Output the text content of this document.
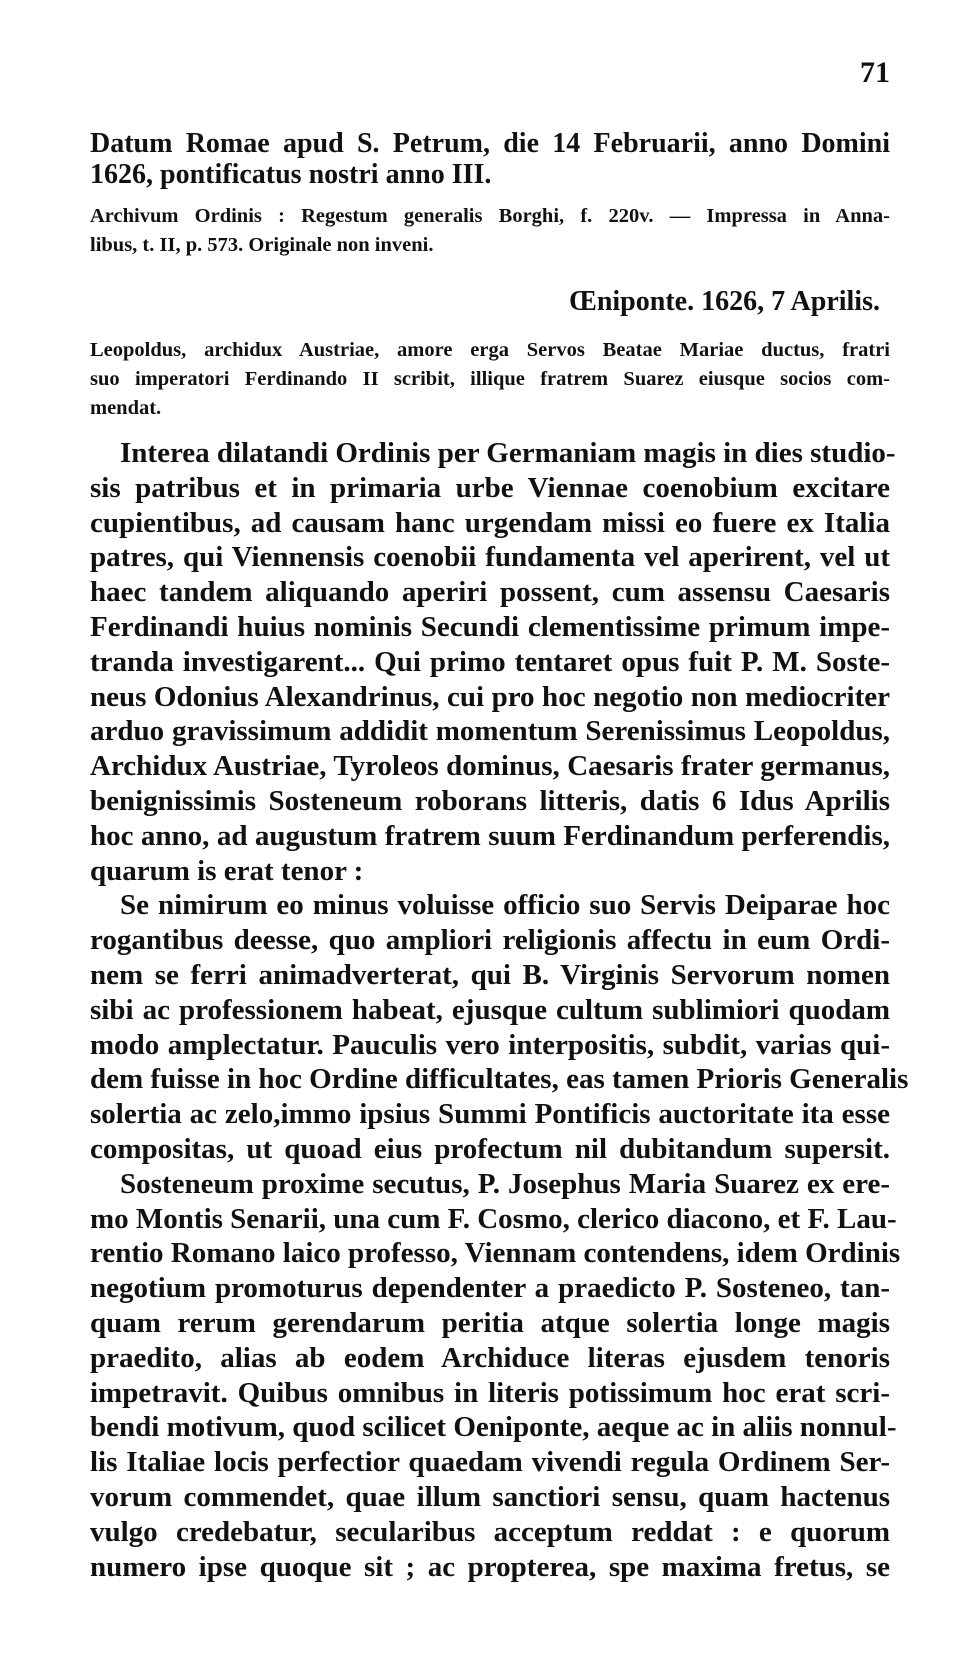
71
Datum Romae apud S. Petrum, die 14 Februarii, anno Domini
1626, pontificatus nostri anno III.
Archivum Ordinis : Regestum generalis Borghi, f. 220v. — Impressa in Anna-
libus, t. II, p. 573. Originale non inveni.
Œniponte. 1626, 7 Aprilis.
Leopoldus, archidux Austriae, amore erga Servos Beatae Mariae ductus, fratri
suo imperatori Ferdinando II scribit, illique fratrem Suarez eiusque socios com-
mendat.
Interea dilatandi Ordinis per Germaniam magis in dies studio-
sis patribus et in primaria urbe Viennae coenobium excitare
cupientibus, ad causam hanc urgendam missi eo fuere ex Italia
patres, qui Viennensis coenobii fundamenta vel aperirent, vel ut
haec tandem aliquando aperiri possent, cum assensu Caesaris
Ferdinandi huius nominis Secundi clementissime primum impe-
tranda investigarent... Qui primo tentaret opus fuit P. M. Soste-
neus Odonius Alexandrinus, cui pro hoc negotio non mediocriter
arduo gravissimum addidit momentum Serenissimus Leopoldus,
Archidux Austriae, Tyroleos dominus, Caesaris frater germanus,
benignissimis Sosteneum roborans litteris, datis 6 Idus Aprilis
hoc anno, ad augustum fratrem suum Ferdinandum perferendis,
quarum is erat tenor :
Se nimirum eo minus voluisse officio suo Servis Deiparae hoc
rogantibus deesse, quo ampliori religionis affectu in eum Ordi-
nem se ferri animadverterat, qui B. Virginis Servorum nomen
sibi ac professionem habeat, ejusque cultum sublimiori quodam
modo amplectatur. Pauculis vero interpositis, subdit, varias qui-
dem fuisse in hoc Ordine difficultates, eas tamen Prioris Generalis
solertia ac zelo,immo ipsius Summi Pontificis auctoritate ita esse
compositas, ut quoad eius profectum nil dubitandum supersit.
Sosteneum proxime secutus, P. Josephus Maria Suarez ex ere-
mo Montis Senarii, una cum F. Cosmo, clerico diacono, et F. Lau-
rentio Romano laico professo, Viennam contendens, idem Ordinis
negotium promoturus dependenter a praedicto P. Sosteneo, tan-
quam rerum gerendarum peritia atque solertia longe magis
praedito, alias ab eodem Archiduce literas ejusdem tenoris
impetravit. Quibus omnibus in literis potissimum hoc erat scri-
bendi motivum, quod scilicet Oeniponte, aeque ac in aliis nonnul-
lis Italiae locis perfectior quaedam vivendi regula Ordinem Ser-
vorum commendet, quae illum sanctiori sensu, quam hactenus
vulgo credebatur, secularibus acceptum reddat : e quorum
numero ipse quoque sit ; ac propterea, spe maxima fretus, se
